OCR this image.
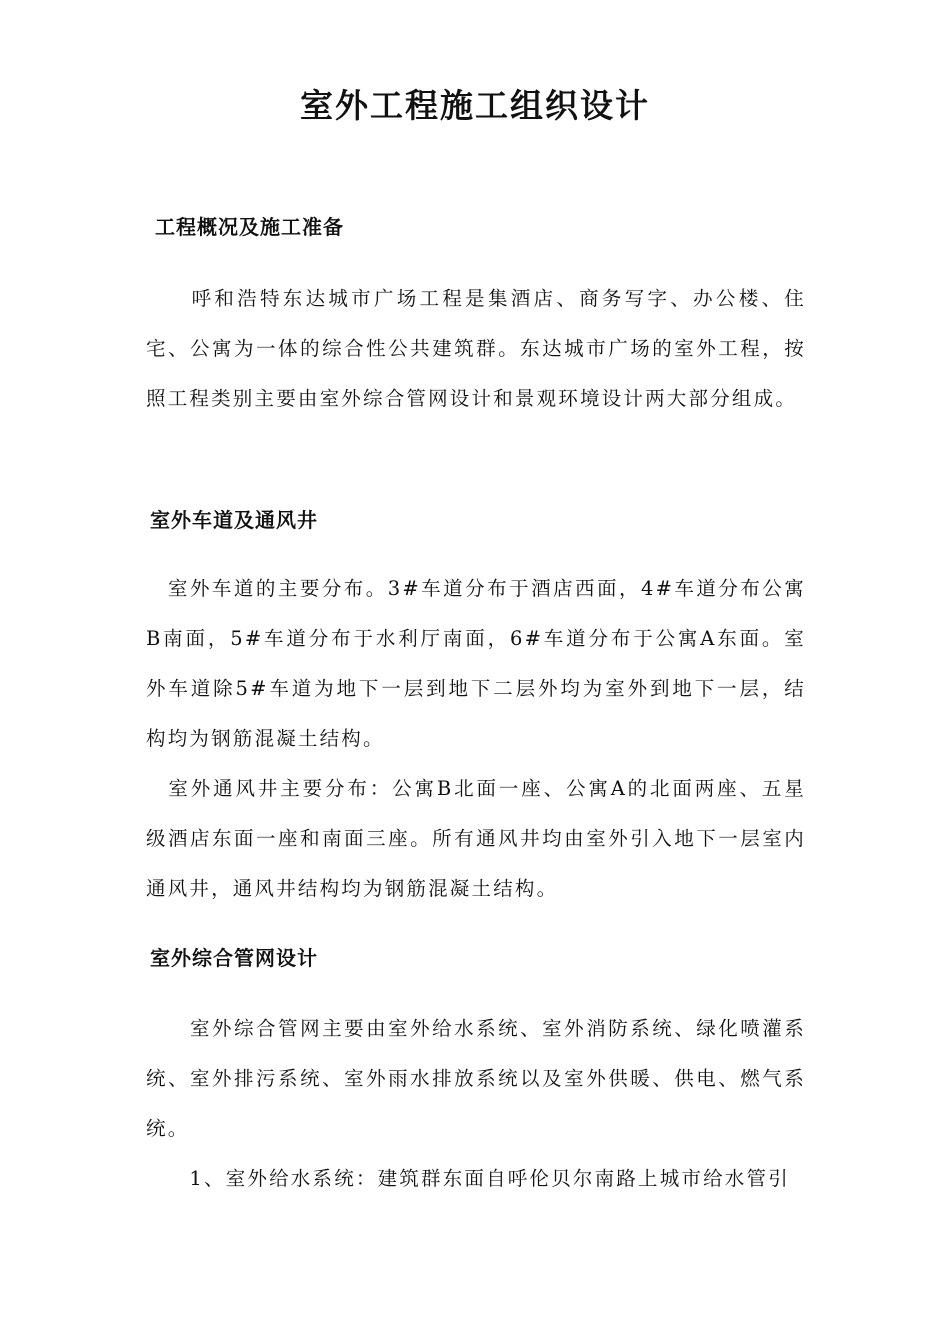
室外工程施工组织设计
工程概况及施工准备

　　呼和浩特东达城市广场工程是集酒店、商务写字、办公楼、住宅、公寓为一体的综合性公共建筑群。东达城市广场的室外工程，按照工程类别主要由室外综合管网设计和景观环境设计两大部分组成。

室外车道及通风井

　室外车道的主要分布。3#车道分布于酒店西面，4#车道分布公寓B南面，5#车道分布于水利厅南面，6#车道分布于公寓A东面。室外车道除5#车道为地下一层到地下二层外均为室外到地下一层，结构均为钢筋混凝土结构。

　室外通风井主要分布：公寓B北面一座、公寓A的北面两座、五星级酒店东面一座和南面三座。所有通风井均由室外引入地下一层室内通风井，通风井结构均为钢筋混凝土结构。

室外综合管网设计

　　室外综合管网主要由室外给水系统、室外消防系统、绿化喷灌系统、室外排污系统、室外雨水排放系统以及室外供暖、供电、燃气系统。

　　1、室外给水系统：建筑群东面自呼伦贝尔南路上城市给水管引
